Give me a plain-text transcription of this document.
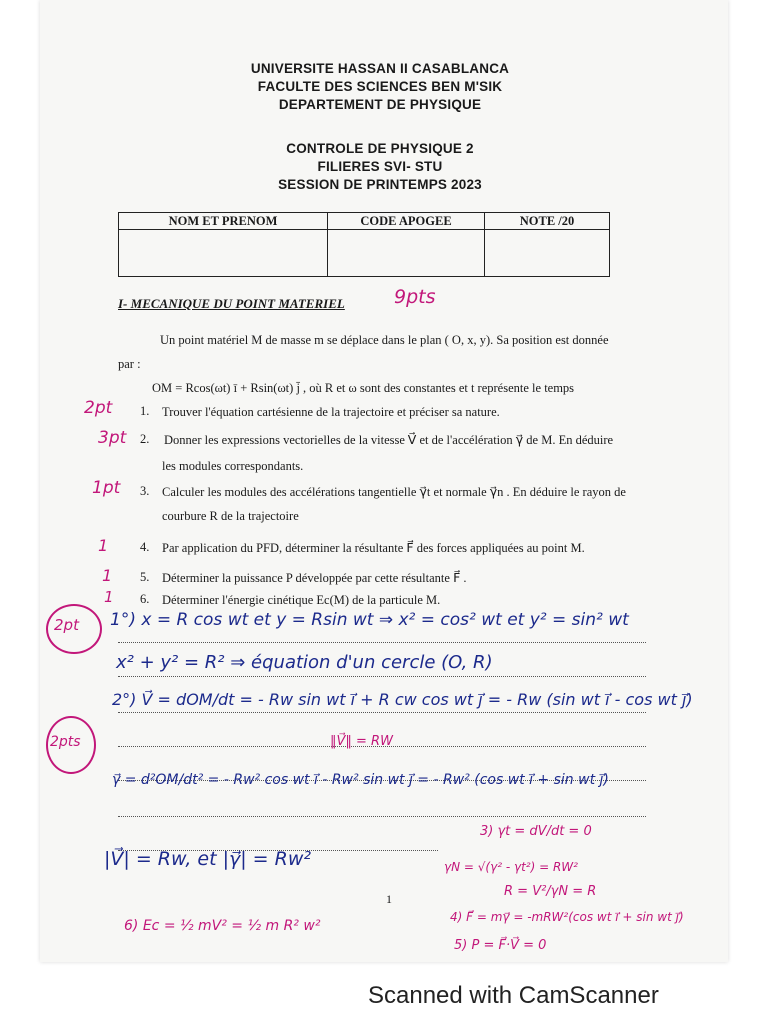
UNIVERSITE HASSAN II CASABLANCA
FACULTE DES SCIENCES BEN M'SIK
DEPARTEMENT DE PHYSIQUE
CONTROLE DE PHYSIQUE 2
FILIERES SVI- STU
SESSION DE PRINTEMPS 2023
NOM ET PRENOM	CODE APOGEE	NOTE /20

I- MECANIQUE DU POINT MATERIEL	9pts
Un point matériel M de masse m se déplace dans le plan ( O, x, y). Sa position est donnée
par :
OM = Rcos(ωt) ī + Rsin(ωt) j̄ , où R et ω sont des constantes et t représente le temps
2pt 1. Trouver l'équation cartésienne de la trajectoire et préciser sa nature.
3pt 2. Donner les expressions vectorielles de la vitesse V⃗ et de l'accélération γ⃗ de M. En déduire
les modules correspondants.
1pt 3. Calculer les modules des accélérations tangentielle γ⃗t et normale γ⃗n . En déduire le rayon de
courbure R de la trajectoire
1	4. Par application du PFD, déterminer la résultante F⃗ des forces appliquées au point M.
1 5. Déterminer la puissance P développée par cette résultante F⃗ .
1 6. Déterminer l'énergie cinétique Ec(M) de la particule M.
2pt
2pts
1°) x = R cos wt et y = Rsin wt ⇒ x² = cos² wt et y² = sin² wt
x² + y² = R² ⇒ équation d'un cercle (O, R)
2°) V⃗ = dOM/dt = - Rw sin wt i⃗ + R cw cos wt j⃗ = - Rw (sin wt i⃗ - cos wt j⃗)
‖V⃗‖ = RW
γ⃗ = d²OM/dt² = - Rw² cos wt i⃗ - Rw² sin wt j⃗ = - Rw² (cos wt i⃗ + sin wt j⃗)
|V⃗| = Rw, et |γ⃗| = Rw²
3) γt = dV/dt = 0
γN = √(γ² - γt²) = RW²
R = V²/γN = R
4) F⃗ = mγ⃗ = -mRW²(cos wt i⃗ + sin wt j⃗)
5) P = F⃗·V⃗ = 0
6) Ec = ½ mV² = ½ m R² w²
1
Scanned with CamScanner
